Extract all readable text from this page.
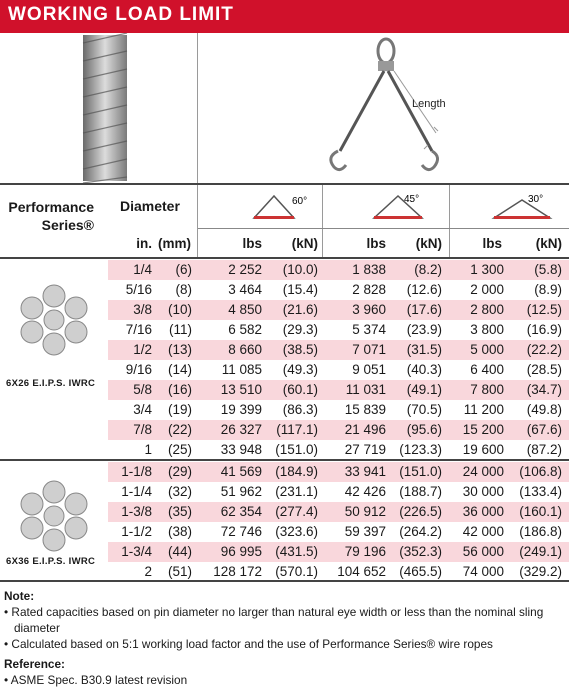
WORKING LOAD LIMIT
Length
Performance Series®
Diameter	60°	45°	30°
in. (mm)	lbs	(kN)	lbs	(kN)	lbs	(kN)
6X26 E.I.P.S. IWRC
6X36 E.I.P.S. IWRC
1/4	(6)	2 252	(10.0)	1 838	(8.2)	1 300	(5.8)
5/16	(8)	3 464	(15.4)	2 828	(12.6)	2 000	(8.9)
3/8	(10)	4 850	(21.6)	3 960	(17.6)	2 800	(12.5)
7/16	(11)	6 582	(29.3)	5 374	(23.9)	3 800	(16.9)
1/2	(13)	8 660	(38.5)	7 071	(31.5)	5 000	(22.2)
9/16	(14)	11 085	(49.3)	9 051	(40.3)	6 400	(28.5)
5/8	(16)	13 510	(60.1)	11 031	(49.1)	7 800	(34.7)
3/4	(19)	19 399	(86.3)	15 839	(70.5)	11 200	(49.8)
7/8	(22)	26 327	(117.1)	21 496	(95.6)	15 200	(67.6)
1	(25)	33 948 (151.0)	27 719 (123.3)	19 600	(87.2)
1-1/8	(29)	41 569 (184.9)	33 941 (151.0)	24 000	(106.8)
1-1/4	(32)	51 962 (231.1)	42 426 (188.7)	30 000	(133.4)
1-3/8	(35)	62 354 (277.4)	50 912 (226.5)	36 000	(160.1)
1-1/2	(38)	72 746 (323.6)	59 397 (264.2)	42 000	(186.8)
1-3/4	(44)	96 995 (431.5)	79 196 (352.3)	56 000	(249.1)
2	(51)	128 172 (570.1)	104 652 (465.5)	74 000	(329.2)
Note:
• Rated capacities based on pin diameter no larger than natural eye width or less than the nominal sling diameter
• Calculated based on 5:1 working load factor and the use of Performance Series® wire ropes
Reference:
• ASME Spec. B30.9 latest revision
